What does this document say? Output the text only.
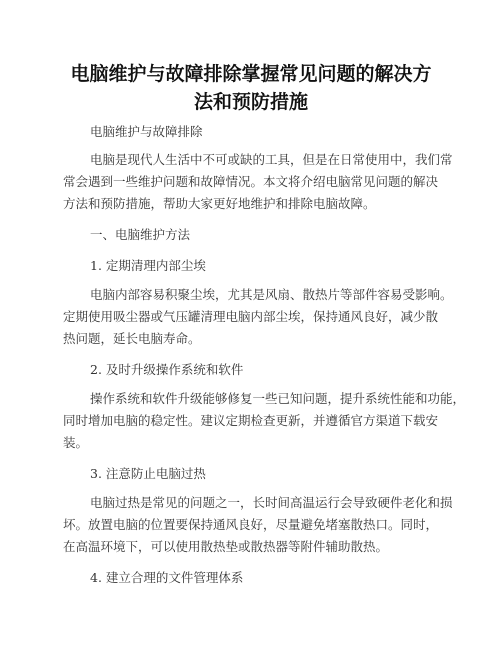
电脑维护与故障排除掌握常见问题的解决方
法和预防措施
电脑维护与故障排除
电脑是现代人生活中不可或缺的工具，但是在日常使用中，我们常
常会遇到一些维护问题和故障情况。本文将介绍电脑常见问题的解决
方法和预防措施，帮助大家更好地维护和排除电脑故障。
一、电脑维护方法
1. 定期清理内部尘埃
电脑内部容易积聚尘埃，尤其是风扇、散热片等部件容易受影响。
定期使用吸尘器或气压罐清理电脑内部尘埃，保持通风良好，减少散
热问题，延长电脑寿命。
2. 及时升级操作系统和软件
操作系统和软件升级能够修复一些已知问题，提升系统性能和功能，
同时增加电脑的稳定性。建议定期检查更新，并遵循官方渠道下载安
装。
3. 注意防止电脑过热
电脑过热是常见的问题之一，长时间高温运行会导致硬件老化和损
坏。放置电脑的位置要保持通风良好，尽量避免堵塞散热口。同时，
在高温环境下，可以使用散热垫或散热器等附件辅助散热。
4. 建立合理的文件管理体系
